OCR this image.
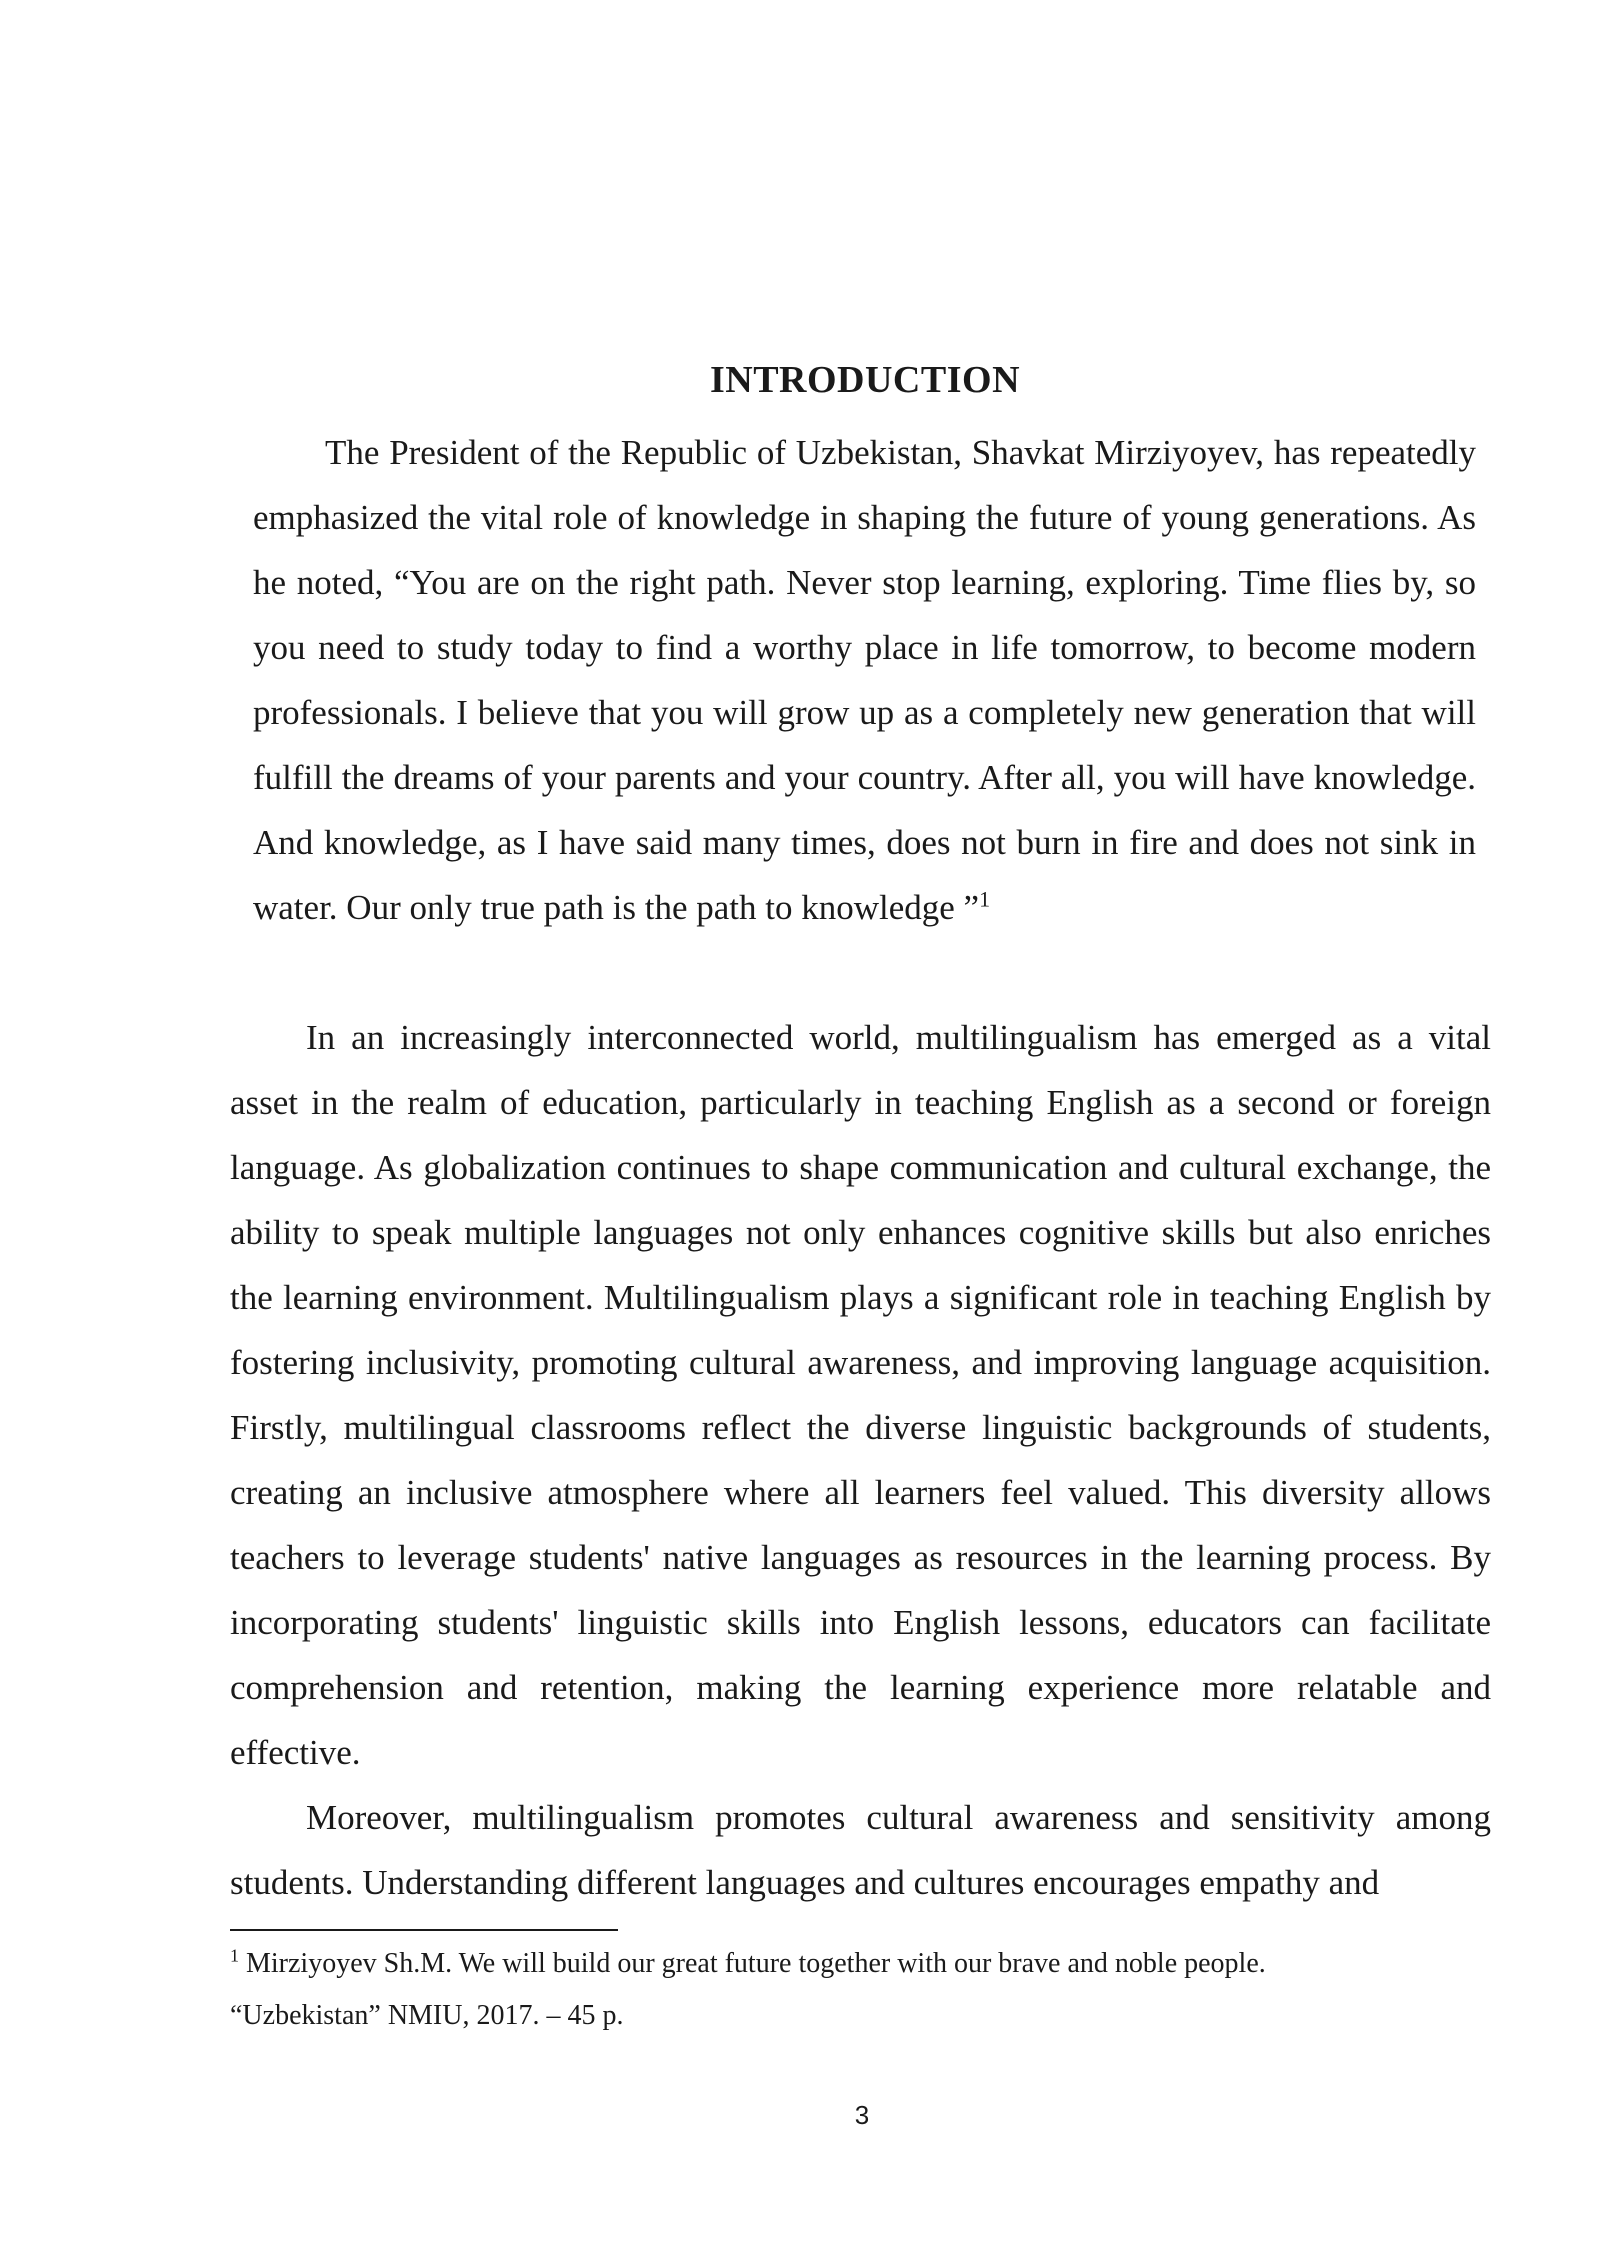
INTRODUCTION
The President of the Republic of Uzbekistan, Shavkat Mirziyoyev, has repeatedly emphasized the vital role of knowledge in shaping the future of young generations. As he noted, “You are on the right path. Never stop learning, exploring. Time flies by, so you need to study today to find a worthy place in life tomorrow, to become modern professionals. I believe that you will grow up as a completely new generation that will fulfill the dreams of your parents and your country. After all, you will have knowledge. And knowledge, as I have said many times, does not burn in fire and does not sink in water. Our only true path is the path to knowledge ”$^1$

In an increasingly interconnected world, multilingualism has emerged as a vital asset in the realm of education, particularly in teaching English as a second or foreign language. As globalization continues to shape communication and cultural exchange, the ability to speak multiple languages not only enhances cognitive skills but also enriches the learning environment. Multilingualism plays a significant role in teaching English by fostering inclusivity, promoting cultural awareness, and improving language acquisition. Firstly, multilingual classrooms reflect the diverse linguistic backgrounds of students, creating an inclusive atmosphere where all learners feel valued. This diversity allows teachers to leverage students' native languages as resources in the learning process. By incorporating students' linguistic skills into English lessons, educators can facilitate comprehension and retention, making the learning experience more relatable and effective.

Moreover, multilingualism promotes cultural awareness and sensitivity among students. Understanding different languages and cultures encourages empathy and

$^1$ Mirziyoyev Sh.M. We will build our great future together with our brave and noble people.
“Uzbekistan” NMIU, 2017. – 45 p.
3
